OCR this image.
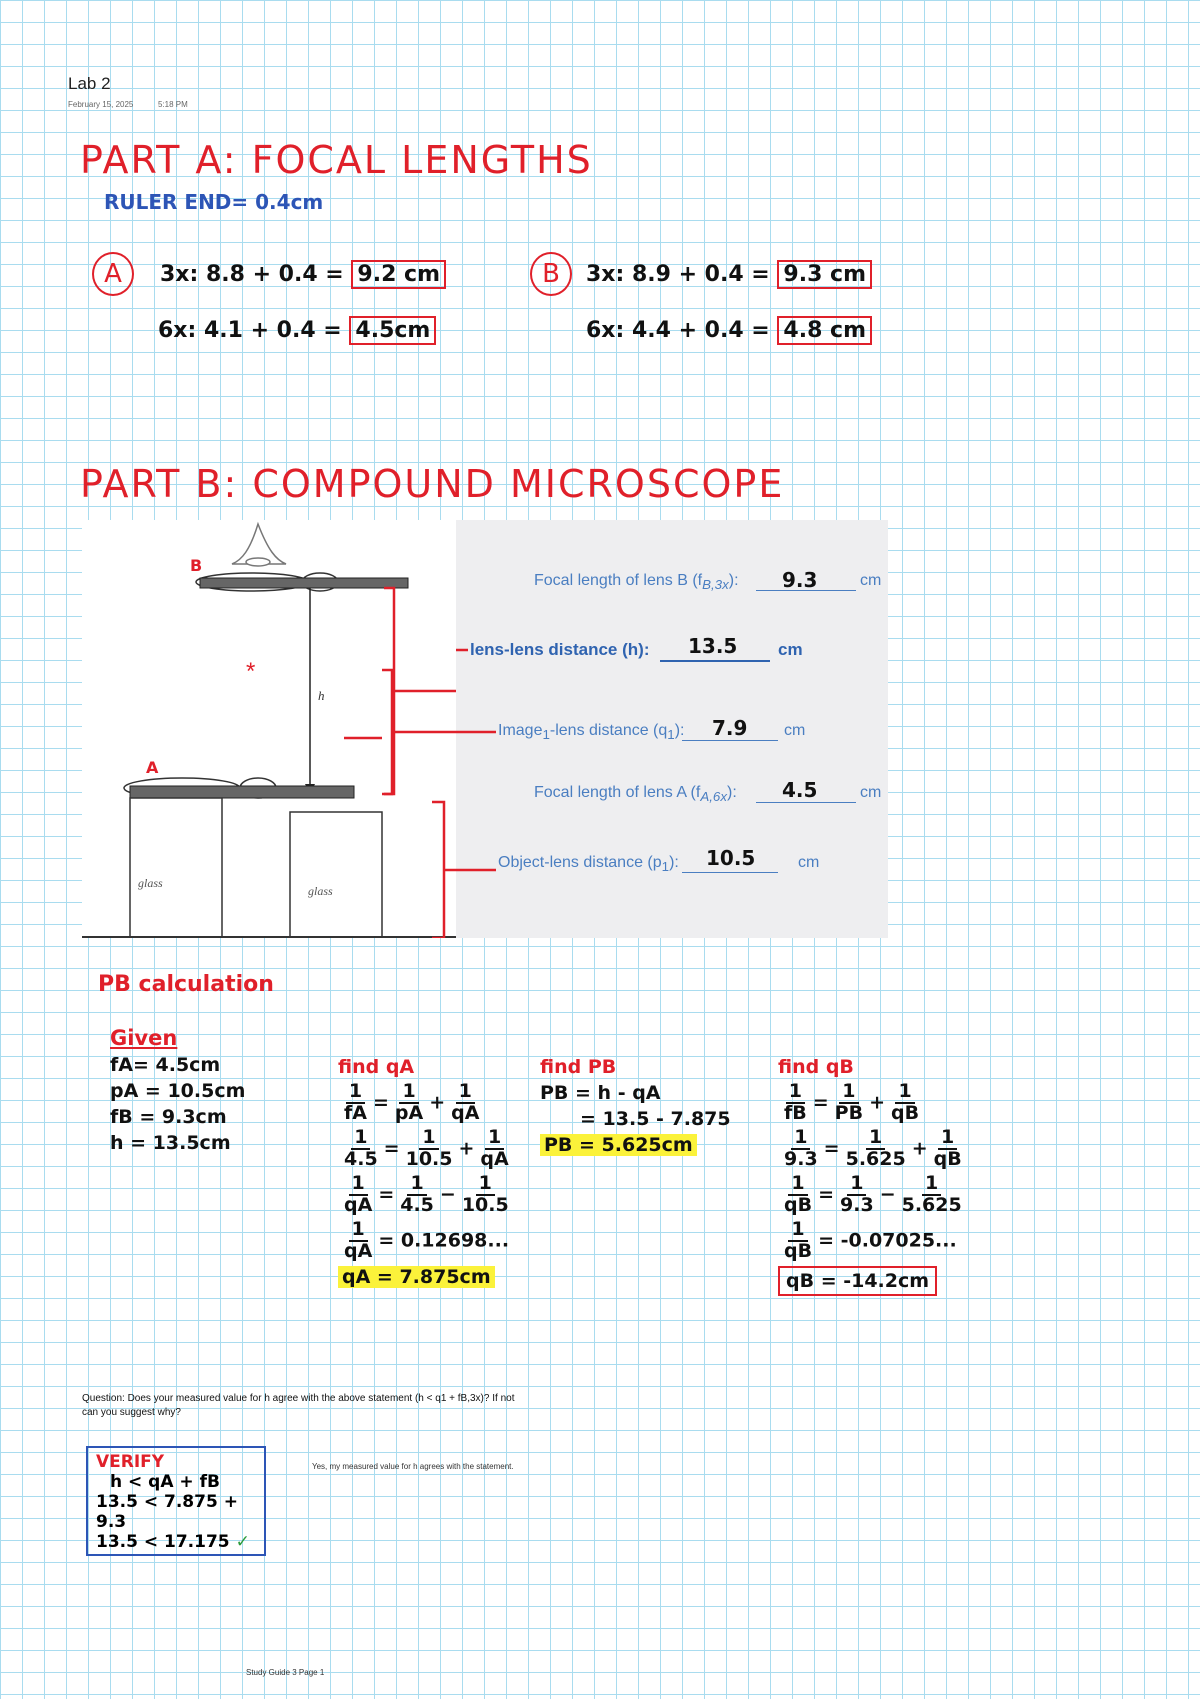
Lab 2
February 15, 2025	5:18 PM
PART A: FOCAL LENGTHS
RULER END= 0.4cm
A	3x: 8.8 + 0.4 = 9.2 cm
6x: 4.1 + 0.4 = 4.5cm
B	3x: 8.9 + 0.4 = 9.3 cm
6x: 4.4 + 0.4 = 4.8 cm
PART B: COMPOUND MICROSCOPE
B
A
*
h
glass
glass
Focal length of lens B $(f_{B,3x})$: 9.3	cm
lens-lens distance (h): 13.5 cm
Image$_1$-lens distance $(q_1)$: 7.9 cm
Focal length of lens A $(f_{A,6x})$: 4.5	cm
Object-lens distance $(p_1)$: 10.5	cm
PB calculation
Given
fA= 4.5cm
pA = 10.5cm
fB = 9.3cm
h = 13.5cm
find qA
$\frac{1}{fA} = \frac{1}{pA} + \frac{1}{qA}$
$\frac{1}{4.5} = \frac{1}{10.5} + \frac{1}{qA}$
$\frac{1}{qA} = \frac{1}{4.5} - \frac{1}{10.5}$
$\frac{1}{qA} = 0.12698$...
qA = 7.875cm
find PB
PB = h - qA
= 13.5 - 7.875
PB = 5.625cm
find qB
$\frac{1}{fB} = \frac{1}{PB} + \frac{1}{qB}$
$\frac{1}{9.3} = \frac{1}{5.625} + \frac{1}{qB}$
$\frac{1}{qB} = \frac{1}{9.3} - \frac{1}{5.625}$
$\frac{1}{qB} = -0.07025$...
qB = -14.2cm
Question: Does your measured value for h agree with the above statement (h < q1 + fB,3x)? If not can you suggest why?
Yes, my measured value for h agrees with the statement.
VERIFY
h < qA + fB
13.5 < 7.875 + 9.3
13.5 < 17.175 ✓
Study Guide 3 Page 1
